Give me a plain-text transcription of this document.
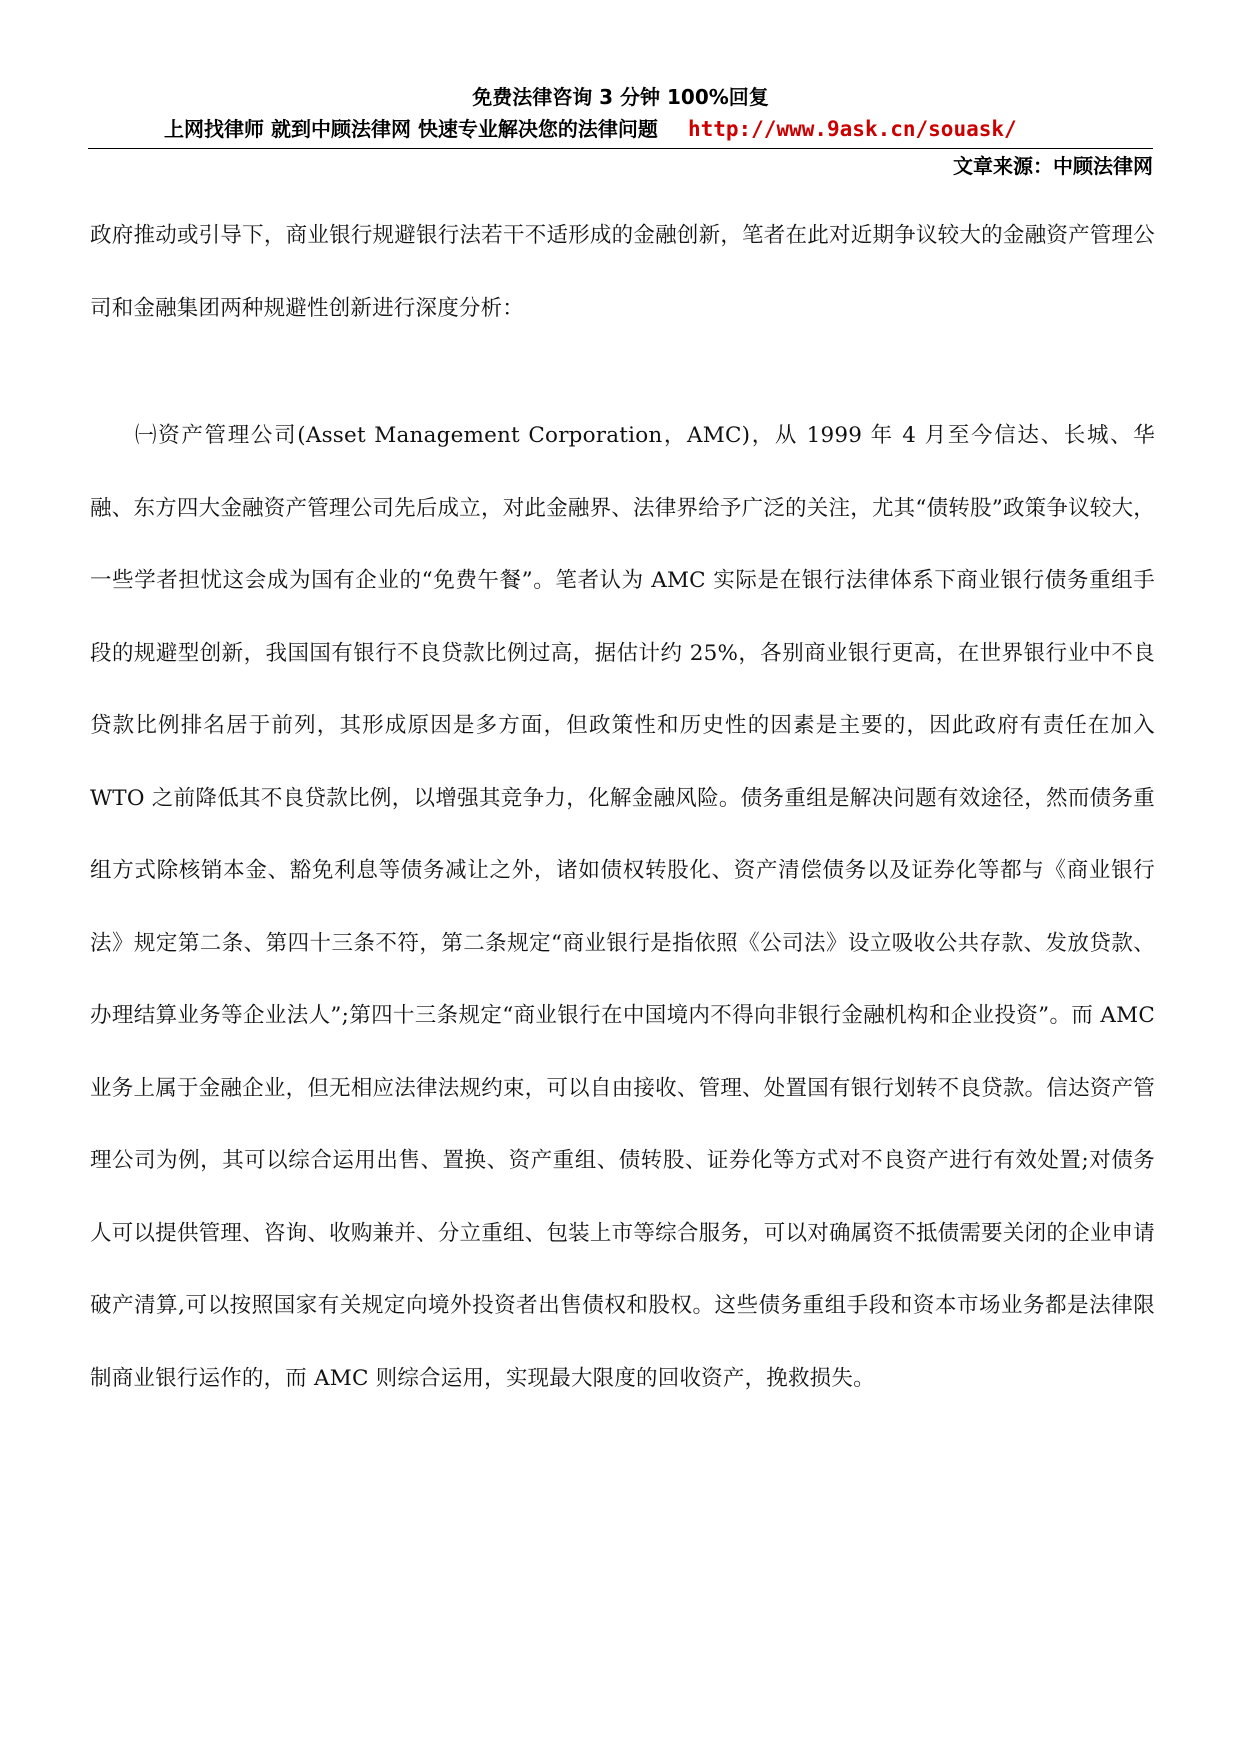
免费法律咨询 3 分钟 100%回复
上网找律师 就到中顾法律网 快速专业解决您的法律问题 http://www.9ask.cn/souask/
文章来源：中顾法律网

政府推动或引导下，商业银行规避银行法若干不适形成的金融创新，笔者在此对近期争议较大的金融资产管理公司和金融集团两种规避性创新进行深度分析：

㈠资产管理公司(Asset Management Corporation，AMC)，从 1999 年 4 月至今信达、长城、华融、东方四大金融资产管理公司先后成立，对此金融界、法律界给予广泛的关注，尤其“债转股”政策争议较大，一些学者担忧这会成为国有企业的“免费午餐”。笔者认为 AMC 实际是在银行法律体系下商业银行债务重组手段的规避型创新，我国国有银行不良贷款比例过高，据估计约 25%，各别商业银行更高，在世界银行业中不良贷款比例排名居于前列，其形成原因是多方面，但政策性和历史性的因素是主要的，因此政府有责任在加入 WTO 之前降低其不良贷款比例，以增强其竞争力，化解金融风险。债务重组是解决问题有效途径，然而债务重组方式除核销本金、豁免利息等债务减让之外，诸如债权转股化、资产清偿债务以及证券化等都与《商业银行法》规定第二条、第四十三条不符，第二条规定“商业银行是指依照《公司法》设立吸收公共存款、发放贷款、办理结算业务等企业法人”;第四十三条规定“商业银行在中国境内不得向非银行金融机构和企业投资”。而 AMC 业务上属于金融企业，但无相应法律法规约束，可以自由接收、管理、处置国有银行划转不良贷款。信达资产管理公司为例，其可以综合运用出售、置换、资产重组、债转股、证券化等方式对不良资产进行有效处置;对债务人可以提供管理、咨询、收购兼并、分立重组、包装上市等综合服务，可以对确属资不抵债需要关闭的企业申请破产清算,可以按照国家有关规定向境外投资者出售债权和股权。这些债务重组手段和资本市场业务都是法律限制商业银行运作的，而 AMC 则综合运用，实现最大限度的回收资产，挽救损失。
